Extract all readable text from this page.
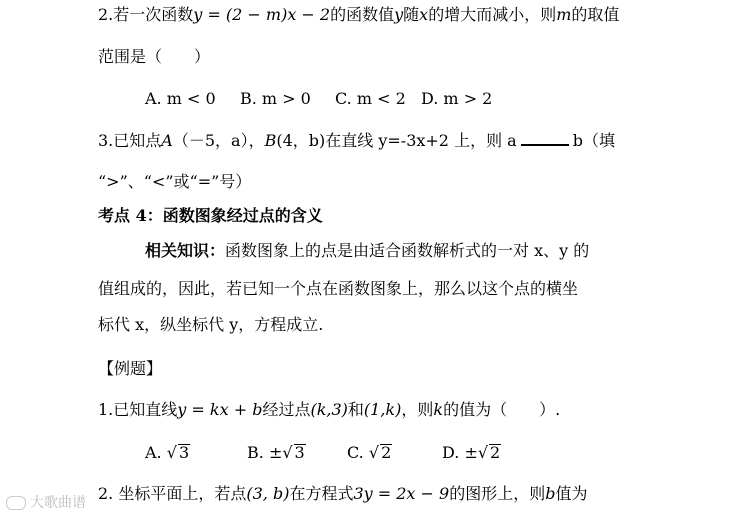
2.若一次函数y = (2 − m)x − 2的函数值y随x的增大而减小，则m的取值
范围是（　　）
A. m < 0 B. m > 0 C. m < 2 D. m > 2
3.已知点A（－5，a），B(4，b)在直线 y=-3x+2 上，则 a	b（填
“>”、“<”或“=”号）
考点 4：函数图象经过点的含义
相关知识：函数图象上的点是由适合函数解析式的一对 x、y 的
值组成的，因此，若已知一个点在函数图象上，那么以这个点的横坐
标代 x，纵坐标代 y，方程成立.
【例题】
1.已知直线y = kx + b经过点(k,3)和(1,k)，则k的值为（　　）.
A. √ 3	B. ±√ 3	C. √ 2	D. ±√ 2
2. 坐标平面上，若点(3, b)在方程式3y = 2x − 9的图形上，则b值为
大歌曲谱
